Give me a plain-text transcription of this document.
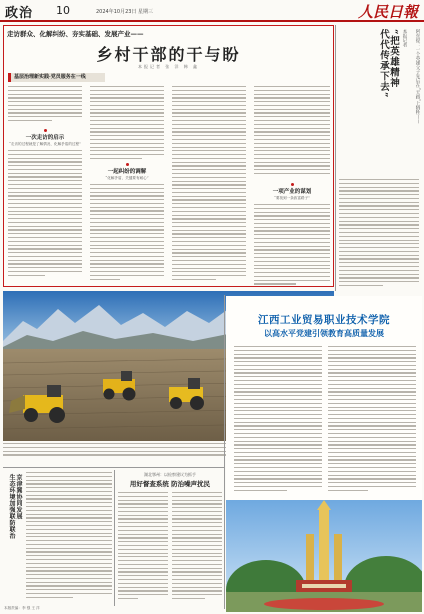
政治 10	2024年10月23日 星期三	人民日報
走访群众、化解纠纷、夯实基础、发展产业——
乡村干部的干与盼
本报记者 张 洋 韩 鑫
基层治理新实践·党员服务在一线
一次走访的启示
“走访的过程就是了解情况、化解矛盾的过程”
一起纠纷的调解
“化解矛盾，关键要有耐心”
一项产业的谋划
“要找到一条致富路子”
阿东提：一个英雄父子先后在“天路”上牺牲——
“把英雄精神
代代传承下去”	本报记者
江西工业贸易职业技术学院
以高水平党建引领教育高质量发展
京津冀协同发展
生态环境加强联防联治	湖北鄂州：以检察建议为抓手
用好督查系统 防治噪声扰民
本版责编：李 强 王 洋
